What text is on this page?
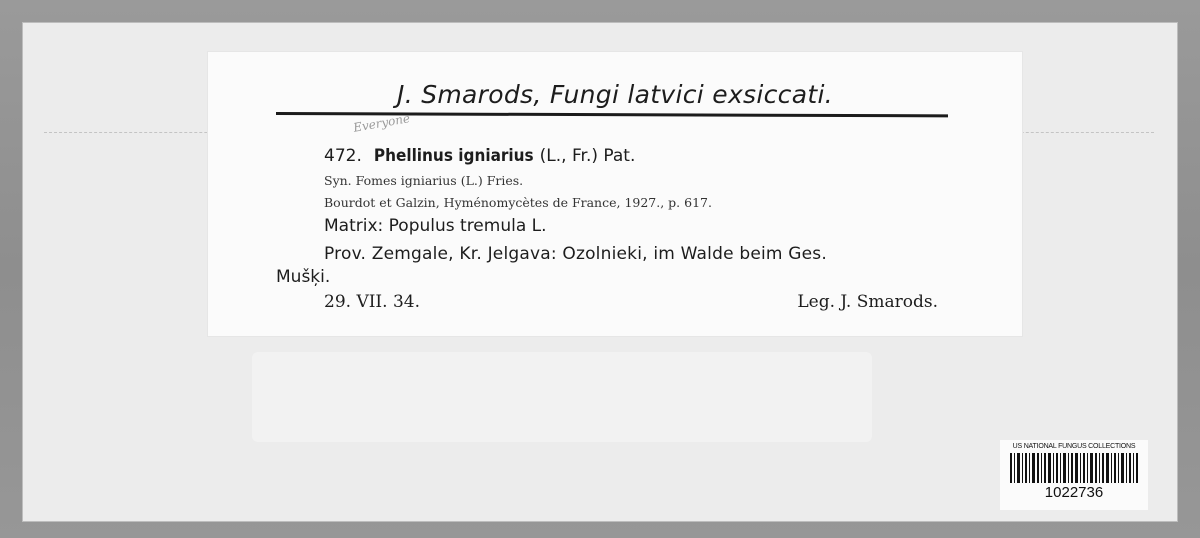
J. Smarods, Fungi latvici exsiccati.
Everyone
472. Phellinus igniarius (L., Fr.) Pat.
Syn. Fomes igniarius (L.) Fries.
Bourdot et Galzin, Hyménomycètes de France, 1927., p. 617.
Matrix: Populus tremula L.
Prov. Zemgale, Kr. Jelgava: Ozolnieki, im Walde beim Ges.
Mušķi.
29. VII. 34.	Leg. J. Smarods.
US NATIONAL FUNGUS COLLECTIONS
1022736
